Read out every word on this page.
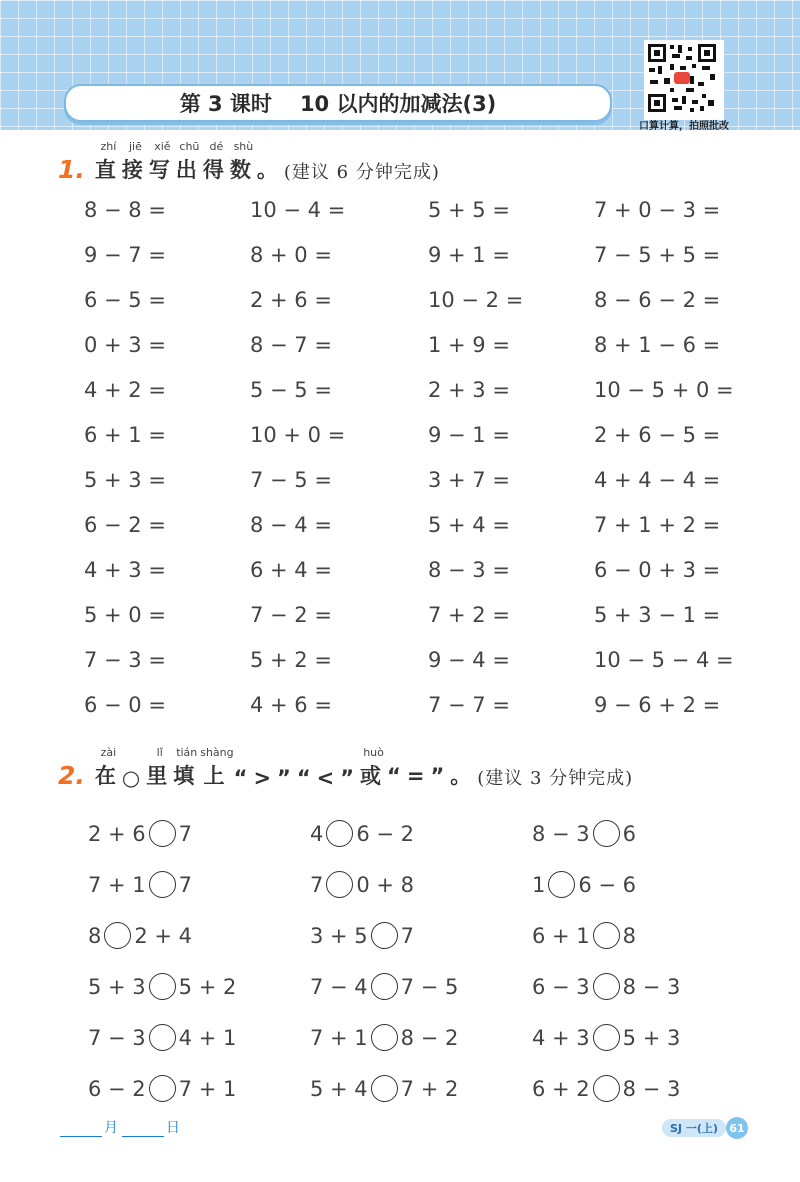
第 3 课时 10 以内的加减法(3)
口算计算，拍照批改
1.
zhí
直
jiē
接
xiě
写
chū
出
dé
得
shù
数 。 (建议 6 分钟完成)
8 − 8 =	10 − 4 =	5 + 5 =	7 + 0 − 3 =
9 − 7 =	8 + 0 =	9 + 1 =	7 − 5 + 5 =
6 − 5 =	2 + 6 =	10 − 2 =	8 − 6 − 2 =
0 + 3 =	8 − 7 =	1 + 9 =	8 + 1 − 6 =
4 + 2 =	5 − 5 =	2 + 3 =	10 − 5 + 0 =
6 + 1 =	10 + 0 =	9 − 1 =	2 + 6 − 5 =
5 + 3 =	7 − 5 =	3 + 7 =	4 + 4 − 4 =
6 − 2 =	8 − 4 =	5 + 4 =	7 + 1 + 2 =
4 + 3 =	6 + 4 =	8 − 3 =	6 − 0 + 3 =
5 + 0 =	7 − 2 =	7 + 2 =	5 + 3 − 1 =
7 − 3 =	5 + 2 =	9 − 4 =	10 − 5 − 4 =
6 − 0 =	4 + 6 =	7 − 7 =	9 − 6 + 2 =
2.
zài
在 ○
lǐ
里
tián
填
shàng
上 “>”“<”
huò
或 “=”。 (建议 3 分钟完成)
2 + 6 7	4 6 − 2	8 − 3 6
7 + 1 7	7 0 + 8	1 6 − 6
8 2 + 4	3 + 5 7	6 + 1 8
5 + 3 5 + 2	7 − 4 7 − 5	6 − 3 8 − 3
7 − 3 4 + 1	7 + 1 8 − 2	4 + 3 5 + 3
6 − 2 7 + 1	5 + 4 7 + 2	6 + 2 8 − 3
月	日	SJ 一(上)	61
